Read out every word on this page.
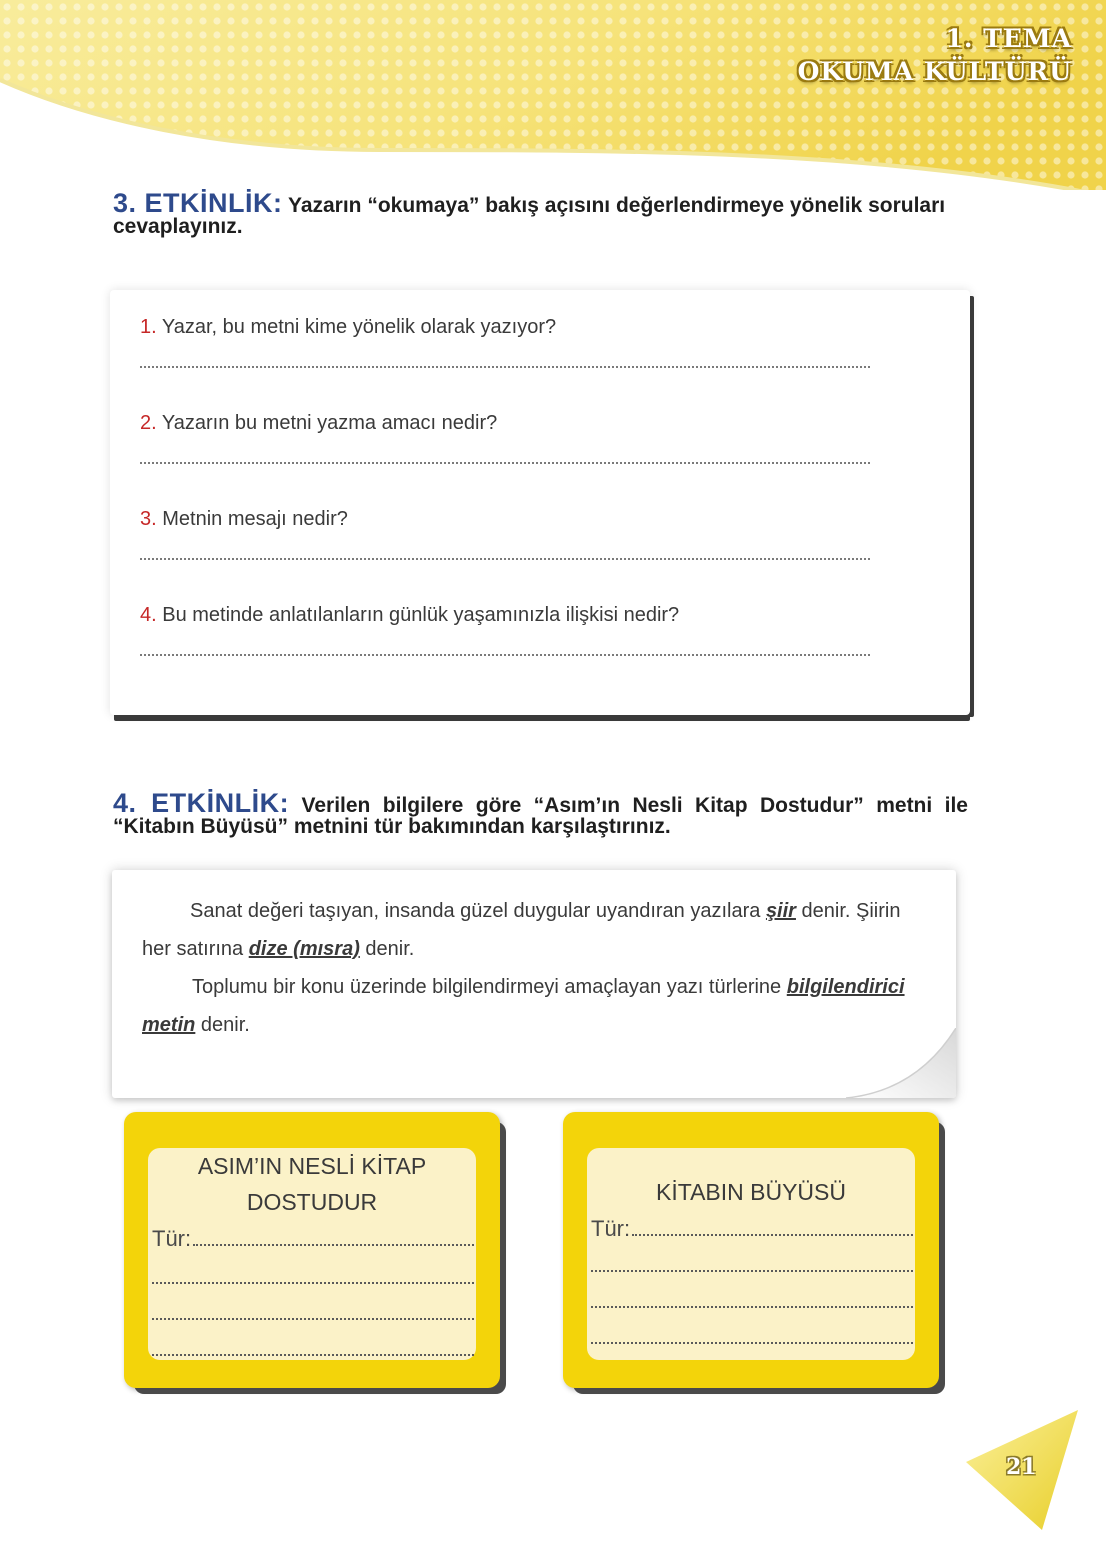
1. TEMA
OKUMA KÜLTÜRÜ
3. ETKİNLİK: Yazarın “okumaya” bakış açısını değerlendirmeye yönelik soruları cevaplayınız.
1. Yazar, bu metni kime yönelik olarak yazıyor?
2. Yazarın bu metni yazma amacı nedir?
3. Metnin mesajı nedir?
4. Bu metinde anlatılanların günlük yaşamınızla ilişkisi nedir?
4. ETKİNLİK: Verilen bilgilere göre “Asım’ın Nesli Kitap Dostudur” metni ile “Kitabın Büyüsü” metnini tür bakımından karşılaştırınız.

Sanat değeri taşıyan, insanda güzel duygular uyandıran yazılara şiir denir. Şiirin her satırına dize (mısra) denir.

Toplumu bir konu üzerinde bilgilendirmeyi amaçlayan yazı türlerine bilgilendirici metin denir.

ASIM’IN NESLİ KİTAP
DOSTUDUR
Tür:
KİTABIN BÜYÜSÜ
Tür:
21
